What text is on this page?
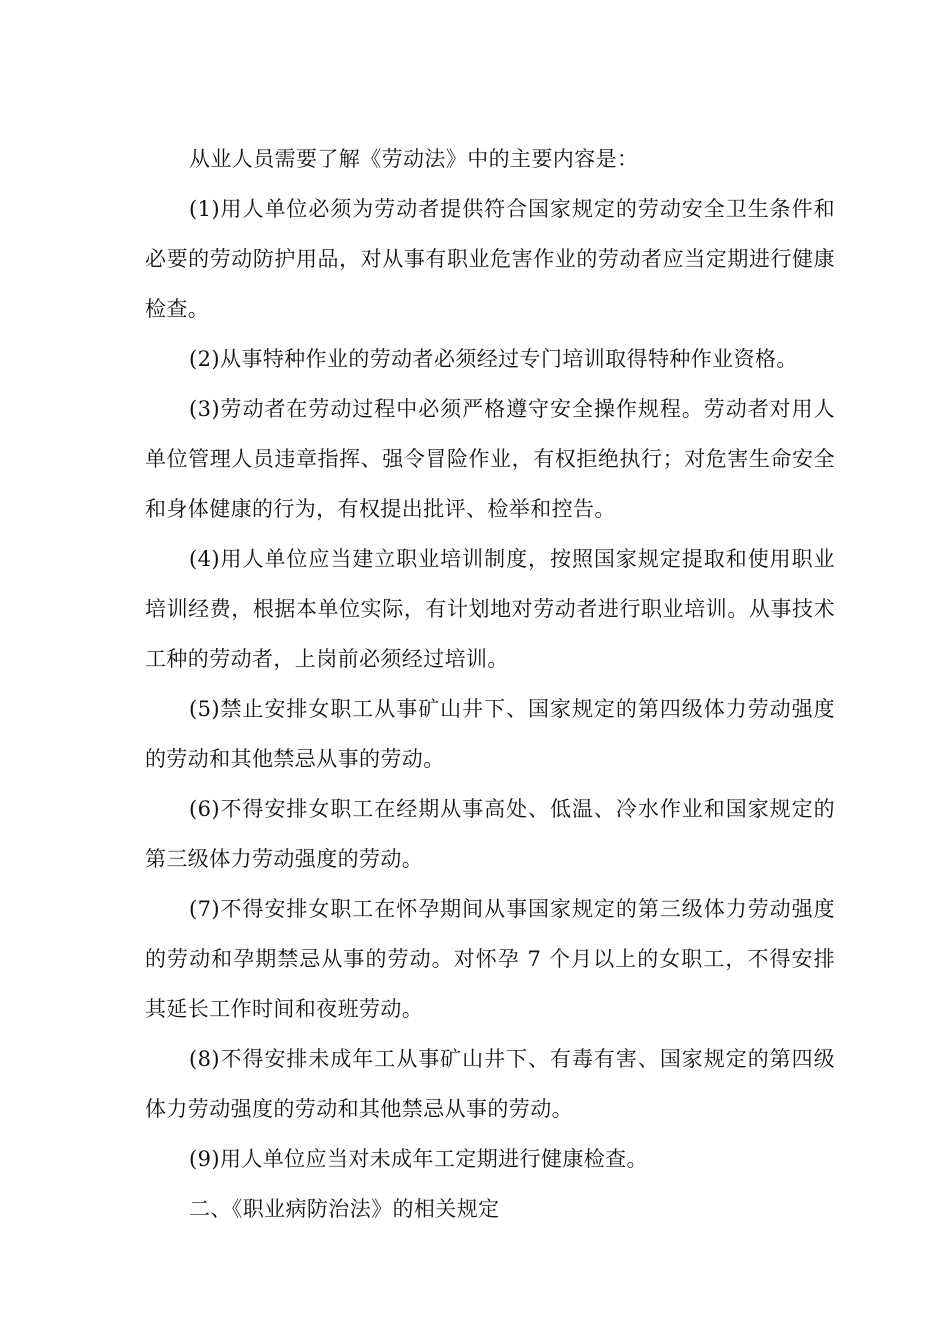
从业人员需要了解《劳动法》中的主要内容是：

(1)用人单位必须为劳动者提供符合国家规定的劳动安全卫生条件和必要的劳动防护用品，对从事有职业危害作业的劳动者应当定期进行健康检查。

(2)从事特种作业的劳动者必须经过专门培训取得特种作业资格。

(3)劳动者在劳动过程中必须严格遵守安全操作规程。劳动者对用人单位管理人员违章指挥、强令冒险作业，有权拒绝执行；对危害生命安全和身体健康的行为，有权提出批评、检举和控告。

(4)用人单位应当建立职业培训制度，按照国家规定提取和使用职业培训经费，根据本单位实际，有计划地对劳动者进行职业培训。从事技术工种的劳动者，上岗前必须经过培训。

(5)禁止安排女职工从事矿山井下、国家规定的第四级体力劳动强度的劳动和其他禁忌从事的劳动。

(6)不得安排女职工在经期从事高处、低温、冷水作业和国家规定的第三级体力劳动强度的劳动。

(7)不得安排女职工在怀孕期间从事国家规定的第三级体力劳动强度的劳动和孕期禁忌从事的劳动。对怀孕 7 个月以上的女职工，不得安排其延长工作时间和夜班劳动。

(8)不得安排未成年工从事矿山井下、有毒有害、国家规定的第四级体力劳动强度的劳动和其他禁忌从事的劳动。

(9)用人单位应当对未成年工定期进行健康检查。

二、《职业病防治法》的相关规定
